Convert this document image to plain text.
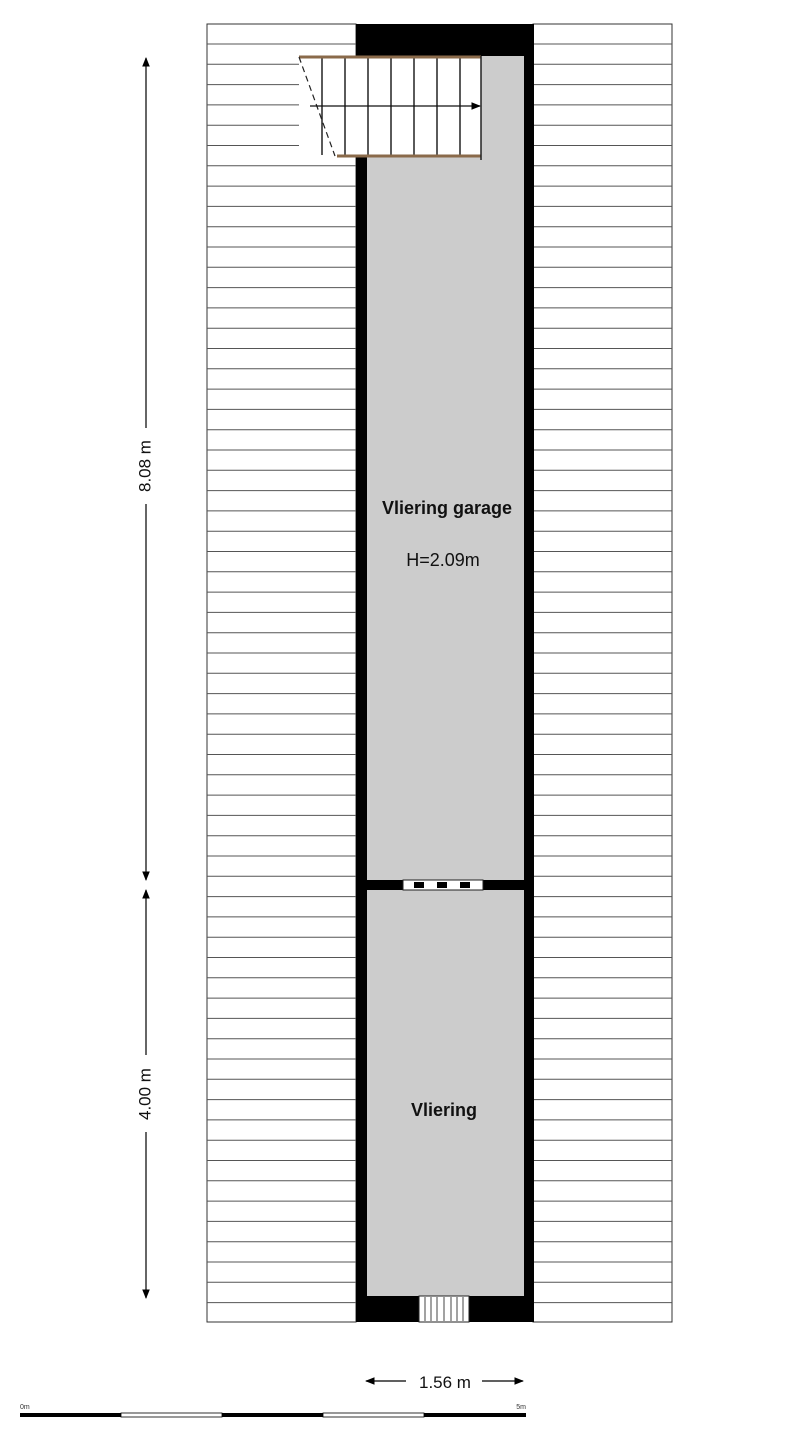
Vliering garage
H=2.09m
Vliering
8.08 m
4.00 m
1.56 m
0m	5m
